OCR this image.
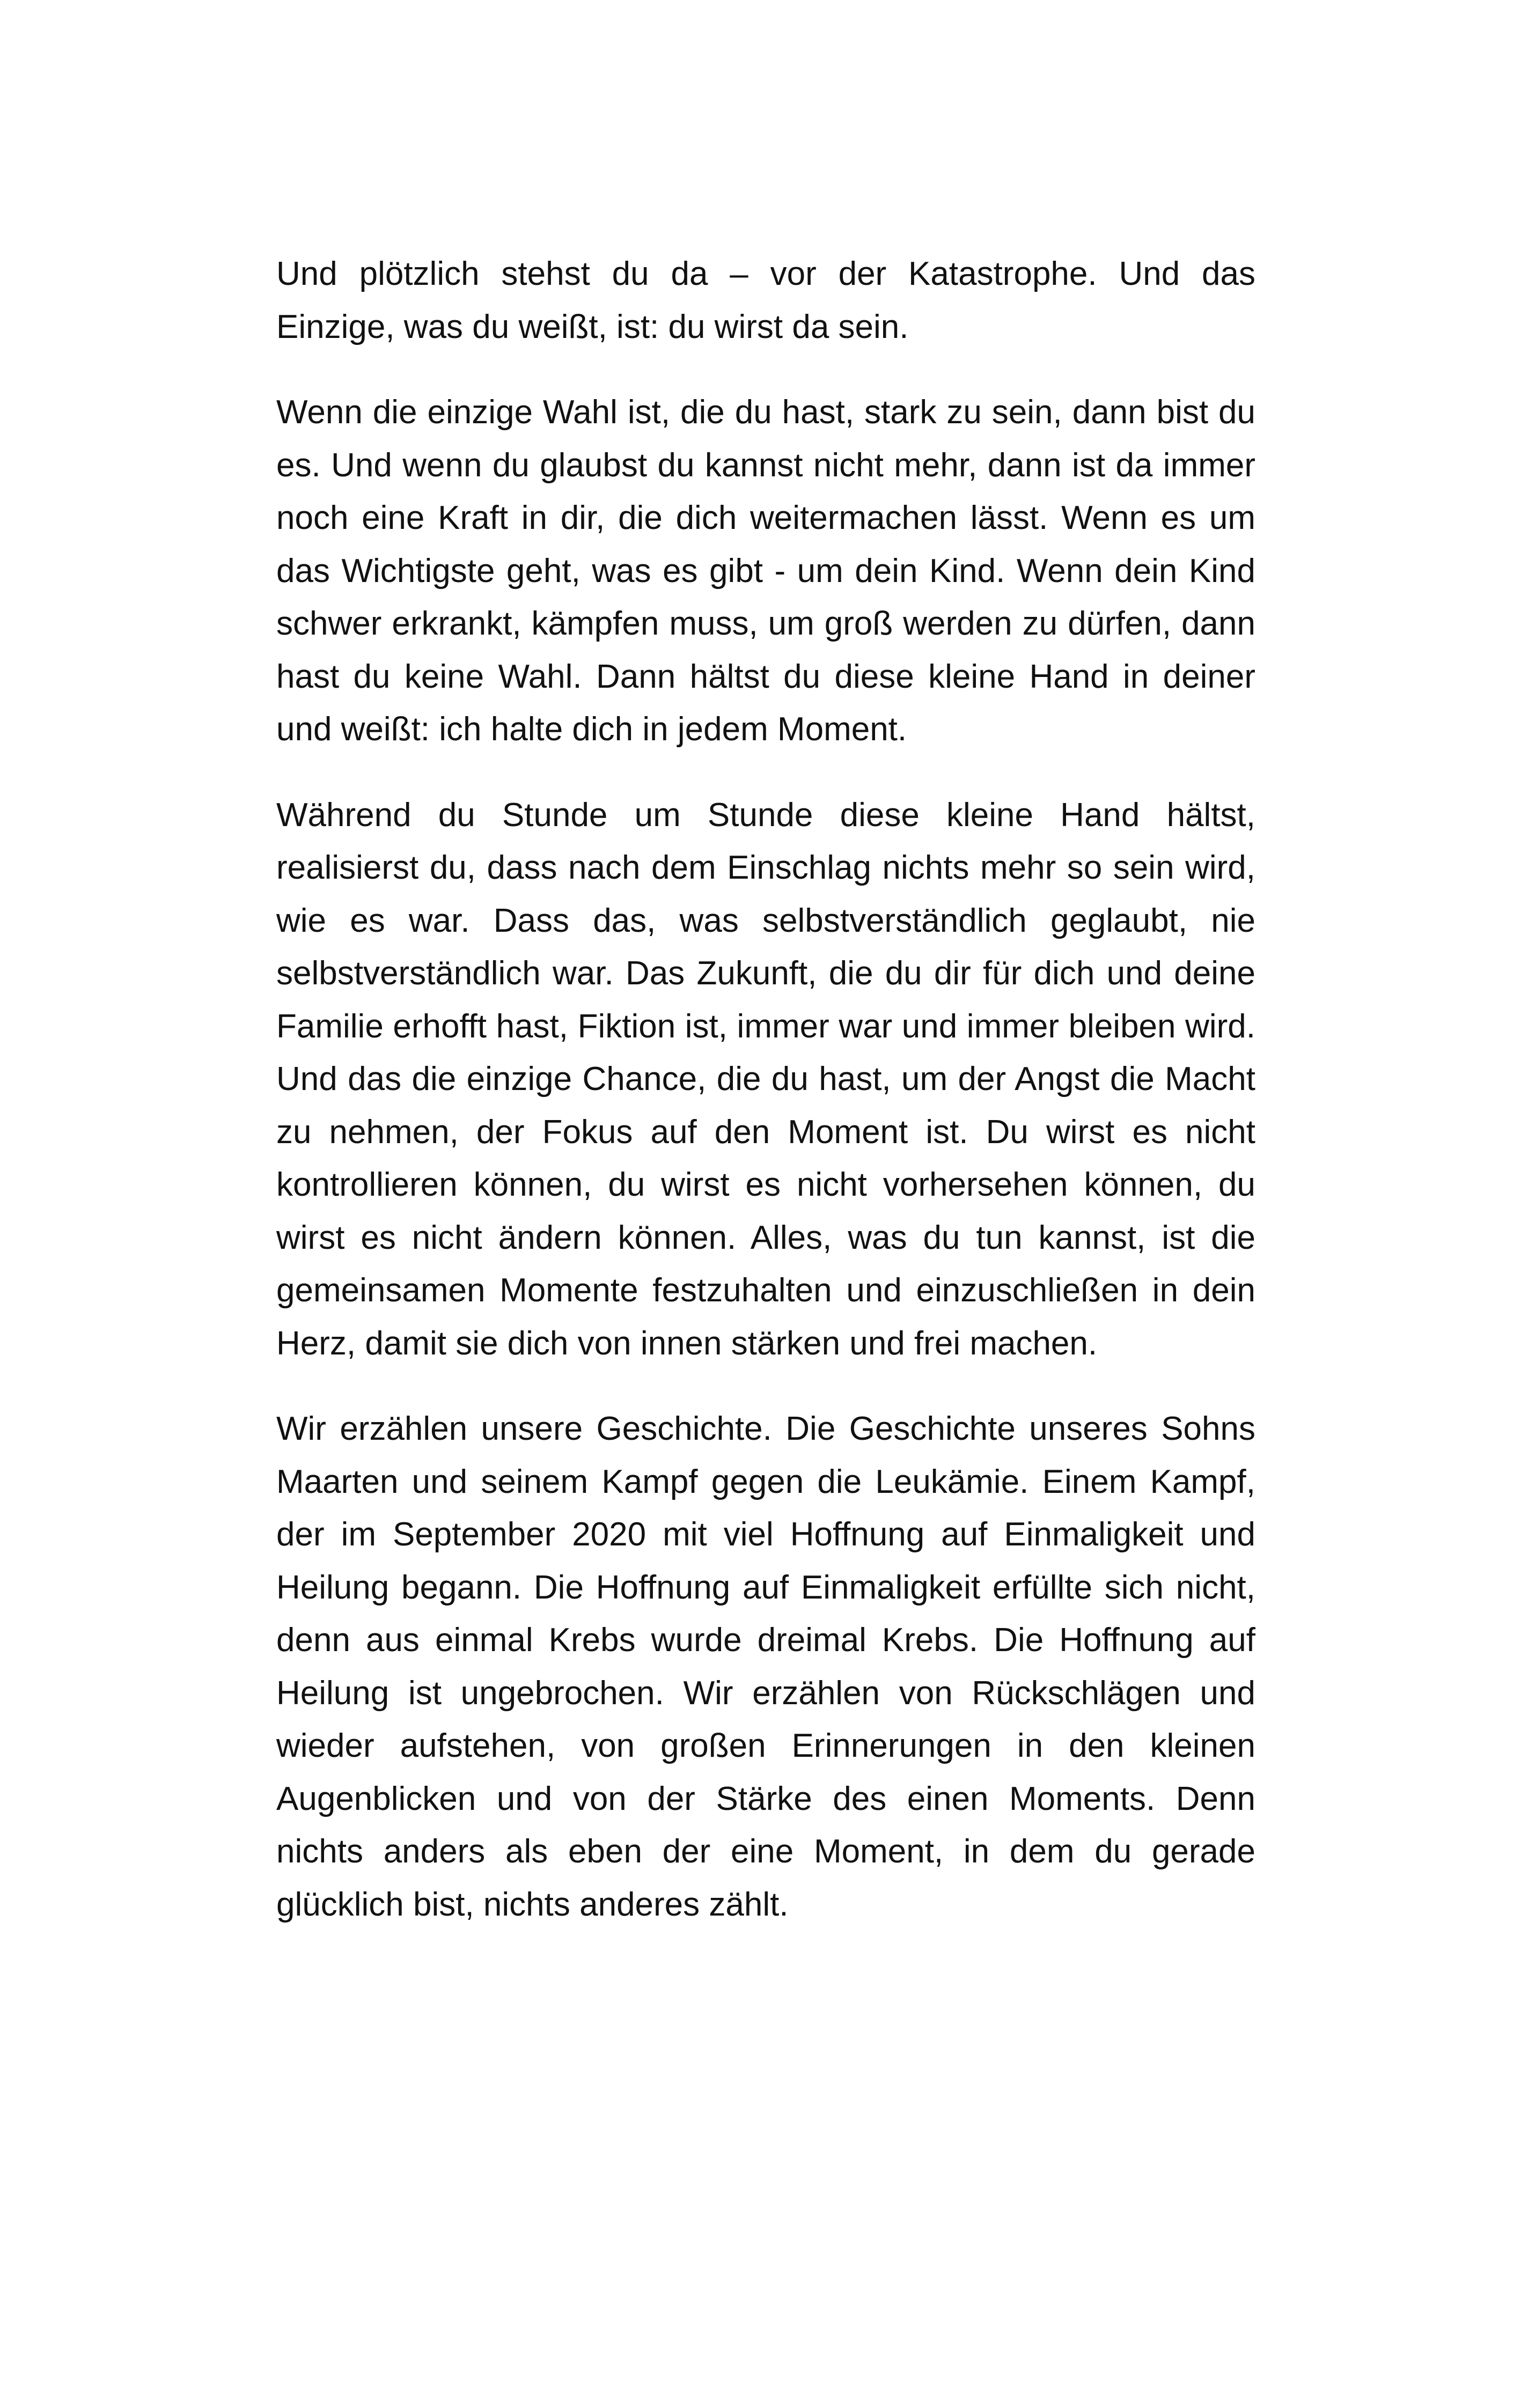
Und plötzlich stehst du da – vor der Katastrophe. Und das Einzige, was du weißt, ist: du wirst da sein.

Wenn die einzige Wahl ist, die du hast, stark zu sein, dann bist du es. Und wenn du glaubst du kannst nicht mehr, dann ist da immer noch eine Kraft in dir, die dich weitermachen lässt. Wenn es um das Wichtigste geht, was es gibt - um dein Kind. Wenn dein Kind schwer erkrankt, kämpfen muss, um groß werden zu dürfen, dann hast du keine Wahl. Dann hältst du diese kleine Hand in deiner und weißt: ich halte dich in jedem Moment.

Während du Stunde um Stunde diese kleine Hand hältst, realisierst du, dass nach dem Einschlag nichts mehr so sein wird, wie es war. Dass das, was selbstverständlich geglaubt, nie selbstverständlich war. Das Zukunft, die du dir für dich und deine Familie erhofft hast, Fiktion ist, immer war und immer bleiben wird. Und das die einzige Chance, die du hast, um der Angst die Macht zu nehmen, der Fokus auf den Moment ist. Du wirst es nicht kontrollieren können, du wirst es nicht vorhersehen können, du wirst es nicht ändern können. Alles, was du tun kannst, ist die gemeinsamen Momente festzuhalten und einzuschließen in dein Herz, damit sie dich von innen stärken und frei machen.

Wir erzählen unsere Geschichte. Die Geschichte unseres Sohns Maarten und seinem Kampf gegen die Leukämie. Einem Kampf, der im September 2020 mit viel Hoffnung auf Einmaligkeit und Heilung begann. Die Hoffnung auf Einmaligkeit erfüllte sich nicht, denn aus einmal Krebs wurde dreimal Krebs. Die Hoffnung auf Heilung ist ungebrochen. Wir erzählen von Rückschlägen und wieder aufstehen, von großen Erinnerungen in den kleinen Augenblicken und von der Stärke des einen Moments. Denn nichts anders als eben der eine Moment, in dem du gerade glücklich bist, nichts anderes zählt.
